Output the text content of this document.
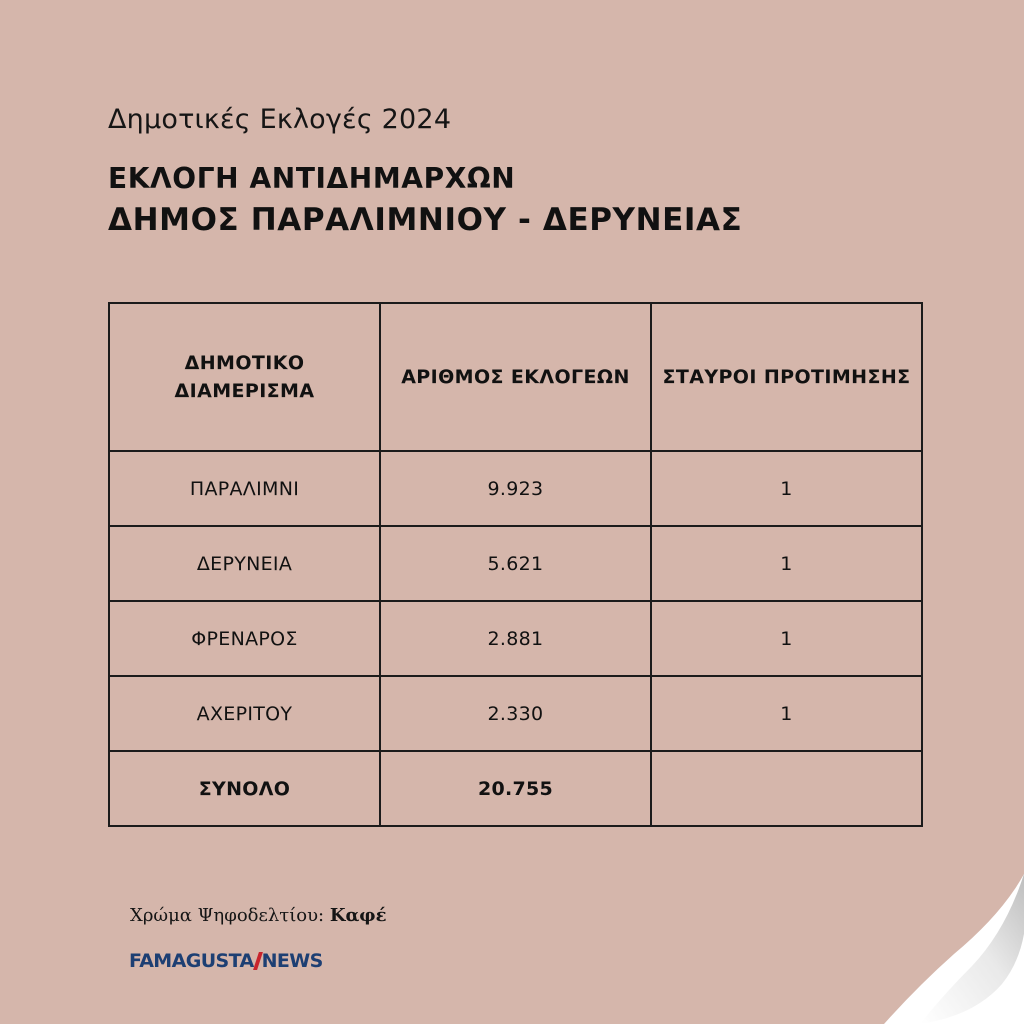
Δημοτικές Εκλογές 2024
ΕΚΛΟΓΗ ΑΝΤΙΔΗΜΑΡΧΩΝ
ΔΗΜΟΣ ΠΑΡΑΛΙΜΝΙΟΥ - ΔΕΡΥΝΕΙΑΣ
ΔΗΜΟΤΙΚΟ ΔΙΑΜΕΡΙΣΜΑ	ΑΡΙΘΜΟΣ ΕΚΛΟΓΕΩΝ	ΣΤΑΥΡΟΙ ΠΡΟΤΙΜΗΣΗΣ
ΠΑΡΑΛΙΜΝΙ	9.923	1
ΔΕΡΥΝΕΙΑ	5.621	1
ΦΡΕΝΑΡΟΣ	2.881	1
ΑΧΕΡΙΤΟΥ	2.330	1
ΣΥΝΟΛΟ	20.755	
Χρώμα Ψηφοδελτίου: Καφέ
FAMAGUSTA NEWS
